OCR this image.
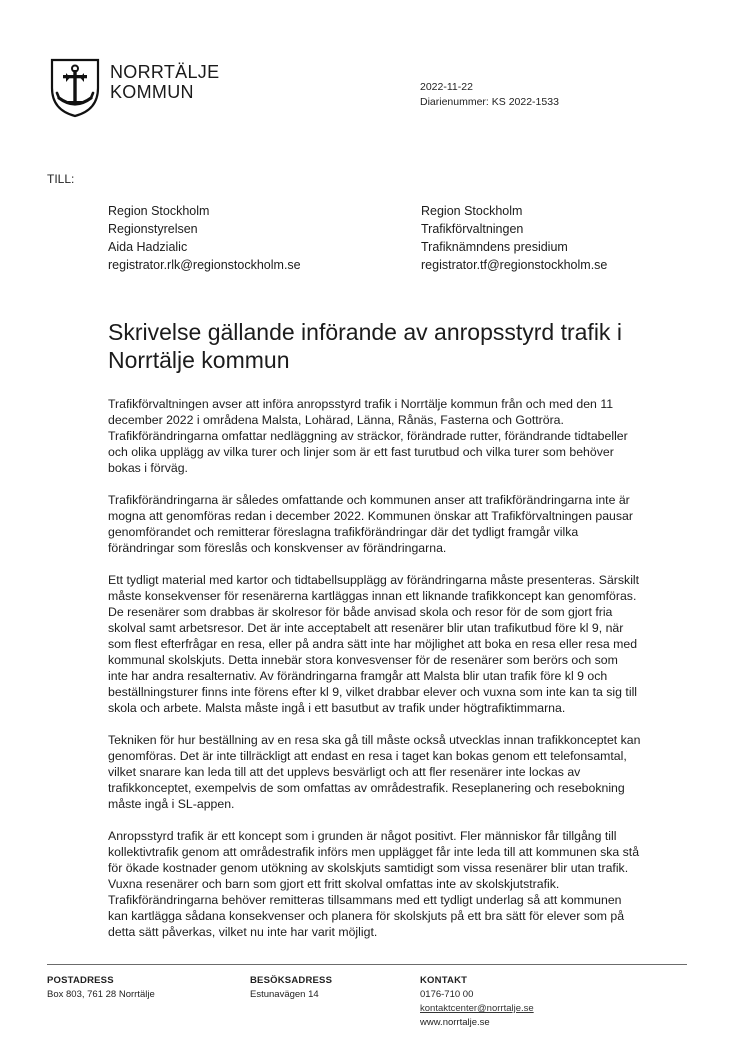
NORRTÄLJE
KOMMUN	2022-11-22
Diarienummer: KS 2022-1533
TILL:
Region Stockholm
Regionstyrelsen
Aida Hadzialic
registrator.rlk@regionstockholm.se
Region Stockholm
Trafikförvaltningen
Trafiknämndens presidium
registrator.tf@regionstockholm.se
Skrivelse gällande införande av anropsstyrd trafik i Norrtälje kommun

Trafikförvaltningen avser att införa anropsstyrd trafik i Norrtälje kommun från och med den 11 december 2022 i områdena Malsta, Lohärad, Länna, Rånäs, Fasterna och Gottröra. Trafikförändringarna omfattar nedläggning av sträckor, förändrade rutter, förändrande tidtabeller och olika upplägg av vilka turer och linjer som är ett fast turutbud och vilka turer som behöver bokas i förväg.

Trafikförändringarna är således omfattande och kommunen anser att trafikförändringarna inte är mogna att genomföras redan i december 2022. Kommunen önskar att Trafikförvaltningen pausar genomförandet och remitterar föreslagna trafikförändringar där det tydligt framgår vilka förändringar som föreslås och konskvenser av förändringarna.

Ett tydligt material med kartor och tidtabellsupplägg av förändringarna måste presenteras. Särskilt måste konsekvenser för resenärerna kartläggas innan ett liknande trafikkoncept kan genomföras. De resenärer som drabbas är skolresor för både anvisad skola och resor för de som gjort fria skolval samt arbetsresor. Det är inte acceptabelt att resenärer blir utan trafikutbud före kl 9, när som flest efterfrågar en resa, eller på andra sätt inte har möjlighet att boka en resa eller resa med kommunal skolskjuts. Detta innebär stora konvesvenser för de resenärer som berörs och som inte har andra resalternativ. Av förändringarna framgår att Malsta blir utan trafik före kl 9 och beställningsturer finns inte förens efter kl 9, vilket drabbar elever och vuxna som inte kan ta sig till skola och arbete. Malsta måste ingå i ett basutbut av trafik under högtrafiktimmarna.

Tekniken för hur beställning av en resa ska gå till måste också utvecklas innan trafikkonceptet kan genomföras. Det är inte tillräckligt att endast en resa i taget kan bokas genom ett telefonsamtal, vilket snarare kan leda till att det upplevs besvärligt och att fler resenärer inte lockas av trafikkonceptet, exempelvis de som omfattas av områdestrafik. Reseplanering och resebokning måste ingå i SL-appen.

Anropsstyrd trafik är ett koncept som i grunden är något positivt. Fler människor får tillgång till kollektivtrafik genom att områdestrafik införs men upplägget får inte leda till att kommunen ska stå för ökade kostnader genom utökning av skolskjuts samtidigt som vissa resenärer blir utan trafik. Vuxna resenärer och barn som gjort ett fritt skolval omfattas inte av skolskjutstrafik. Trafikförändringarna behöver remitteras tillsammans med ett tydligt underlag så att kommunen kan kartlägga sådana konsekvenser och planera för skolskjuts på ett bra sätt för elever som på detta sätt påverkas, vilket nu inte har varit möjligt.

POSTADRESS
Box 803, 761 28 Norrtälje
BESÖKSADRESS
Estunavägen 14
KONTAKT
0176-710 00
kontaktcenter@norrtalje.se
www.norrtalje.se
